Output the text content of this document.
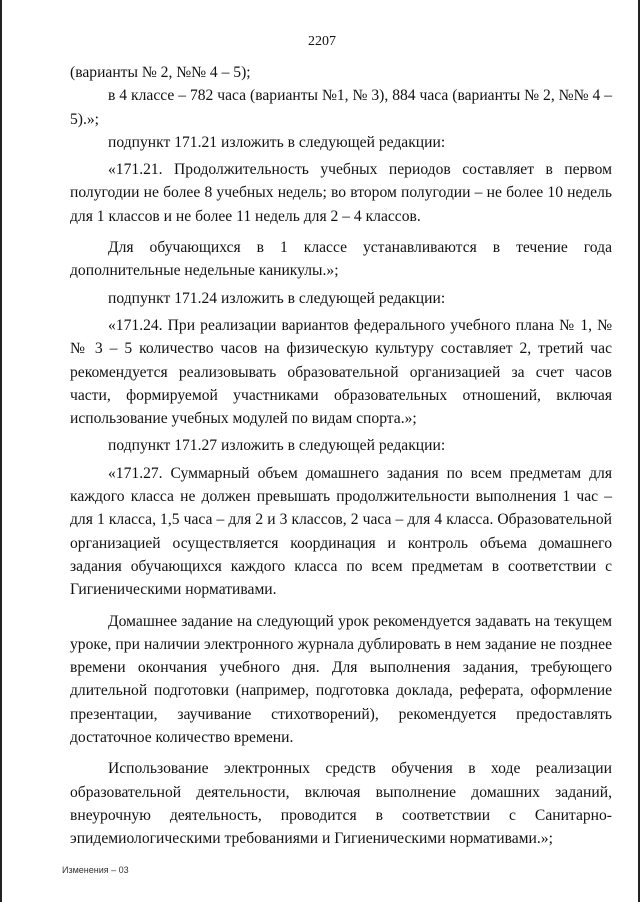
2207

(варианты № 2, №№ 4 – 5);

в 4 классе – 782 часа (варианты №1, № 3), 884 часа (варианты № 2, №№ 4 – 5).»;

подпункт 171.21 изложить в следующей редакции:

«171.21. Продолжительность учебных периодов составляет в первом полугодии не более 8 учебных недель; во втором полугодии – не более 10 недель для 1 классов и не более 11 недель для 2 – 4 классов.

Для обучающихся в 1 классе устанавливаются в течение года дополнительные недельные каникулы.»;

подпункт 171.24 изложить в следующей редакции:

«171.24. При реализации вариантов федерального учебного плана № 1, №№ 3 – 5 количество часов на физическую культуру составляет 2, третий час рекомендуется реализовывать образовательной организацией за счет часов части, формируемой участниками образовательных отношений, включая использование учебных модулей по видам спорта.»;

подпункт 171.27 изложить в следующей редакции:

«171.27. Суммарный объем домашнего задания по всем предметам для каждого класса не должен превышать продолжительности выполнения 1 час – для 1 класса, 1,5 часа – для 2 и 3 классов, 2 часа – для 4 класса. Образовательной организацией осуществляется координация и контроль объема домашнего задания обучающихся каждого класса по всем предметам в соответствии с Гигиеническими нормативами.

Домашнее задание на следующий урок рекомендуется задавать на текущем уроке, при наличии электронного журнала дублировать в нем задание не позднее времени окончания учебного дня. Для выполнения задания, требующего длительной подготовки (например, подготовка доклада, реферата, оформление презентации, заучивание стихотворений), рекомендуется предоставлять достаточное количество времени.

Использование электронных средств обучения в ходе реализации образовательной деятельности, включая выполнение домашних заданий, внеурочную деятельность, проводится в соответствии с Санитарно-эпидемиологическими требованиями и Гигиеническими нормативами.»;

Изменения – 03
